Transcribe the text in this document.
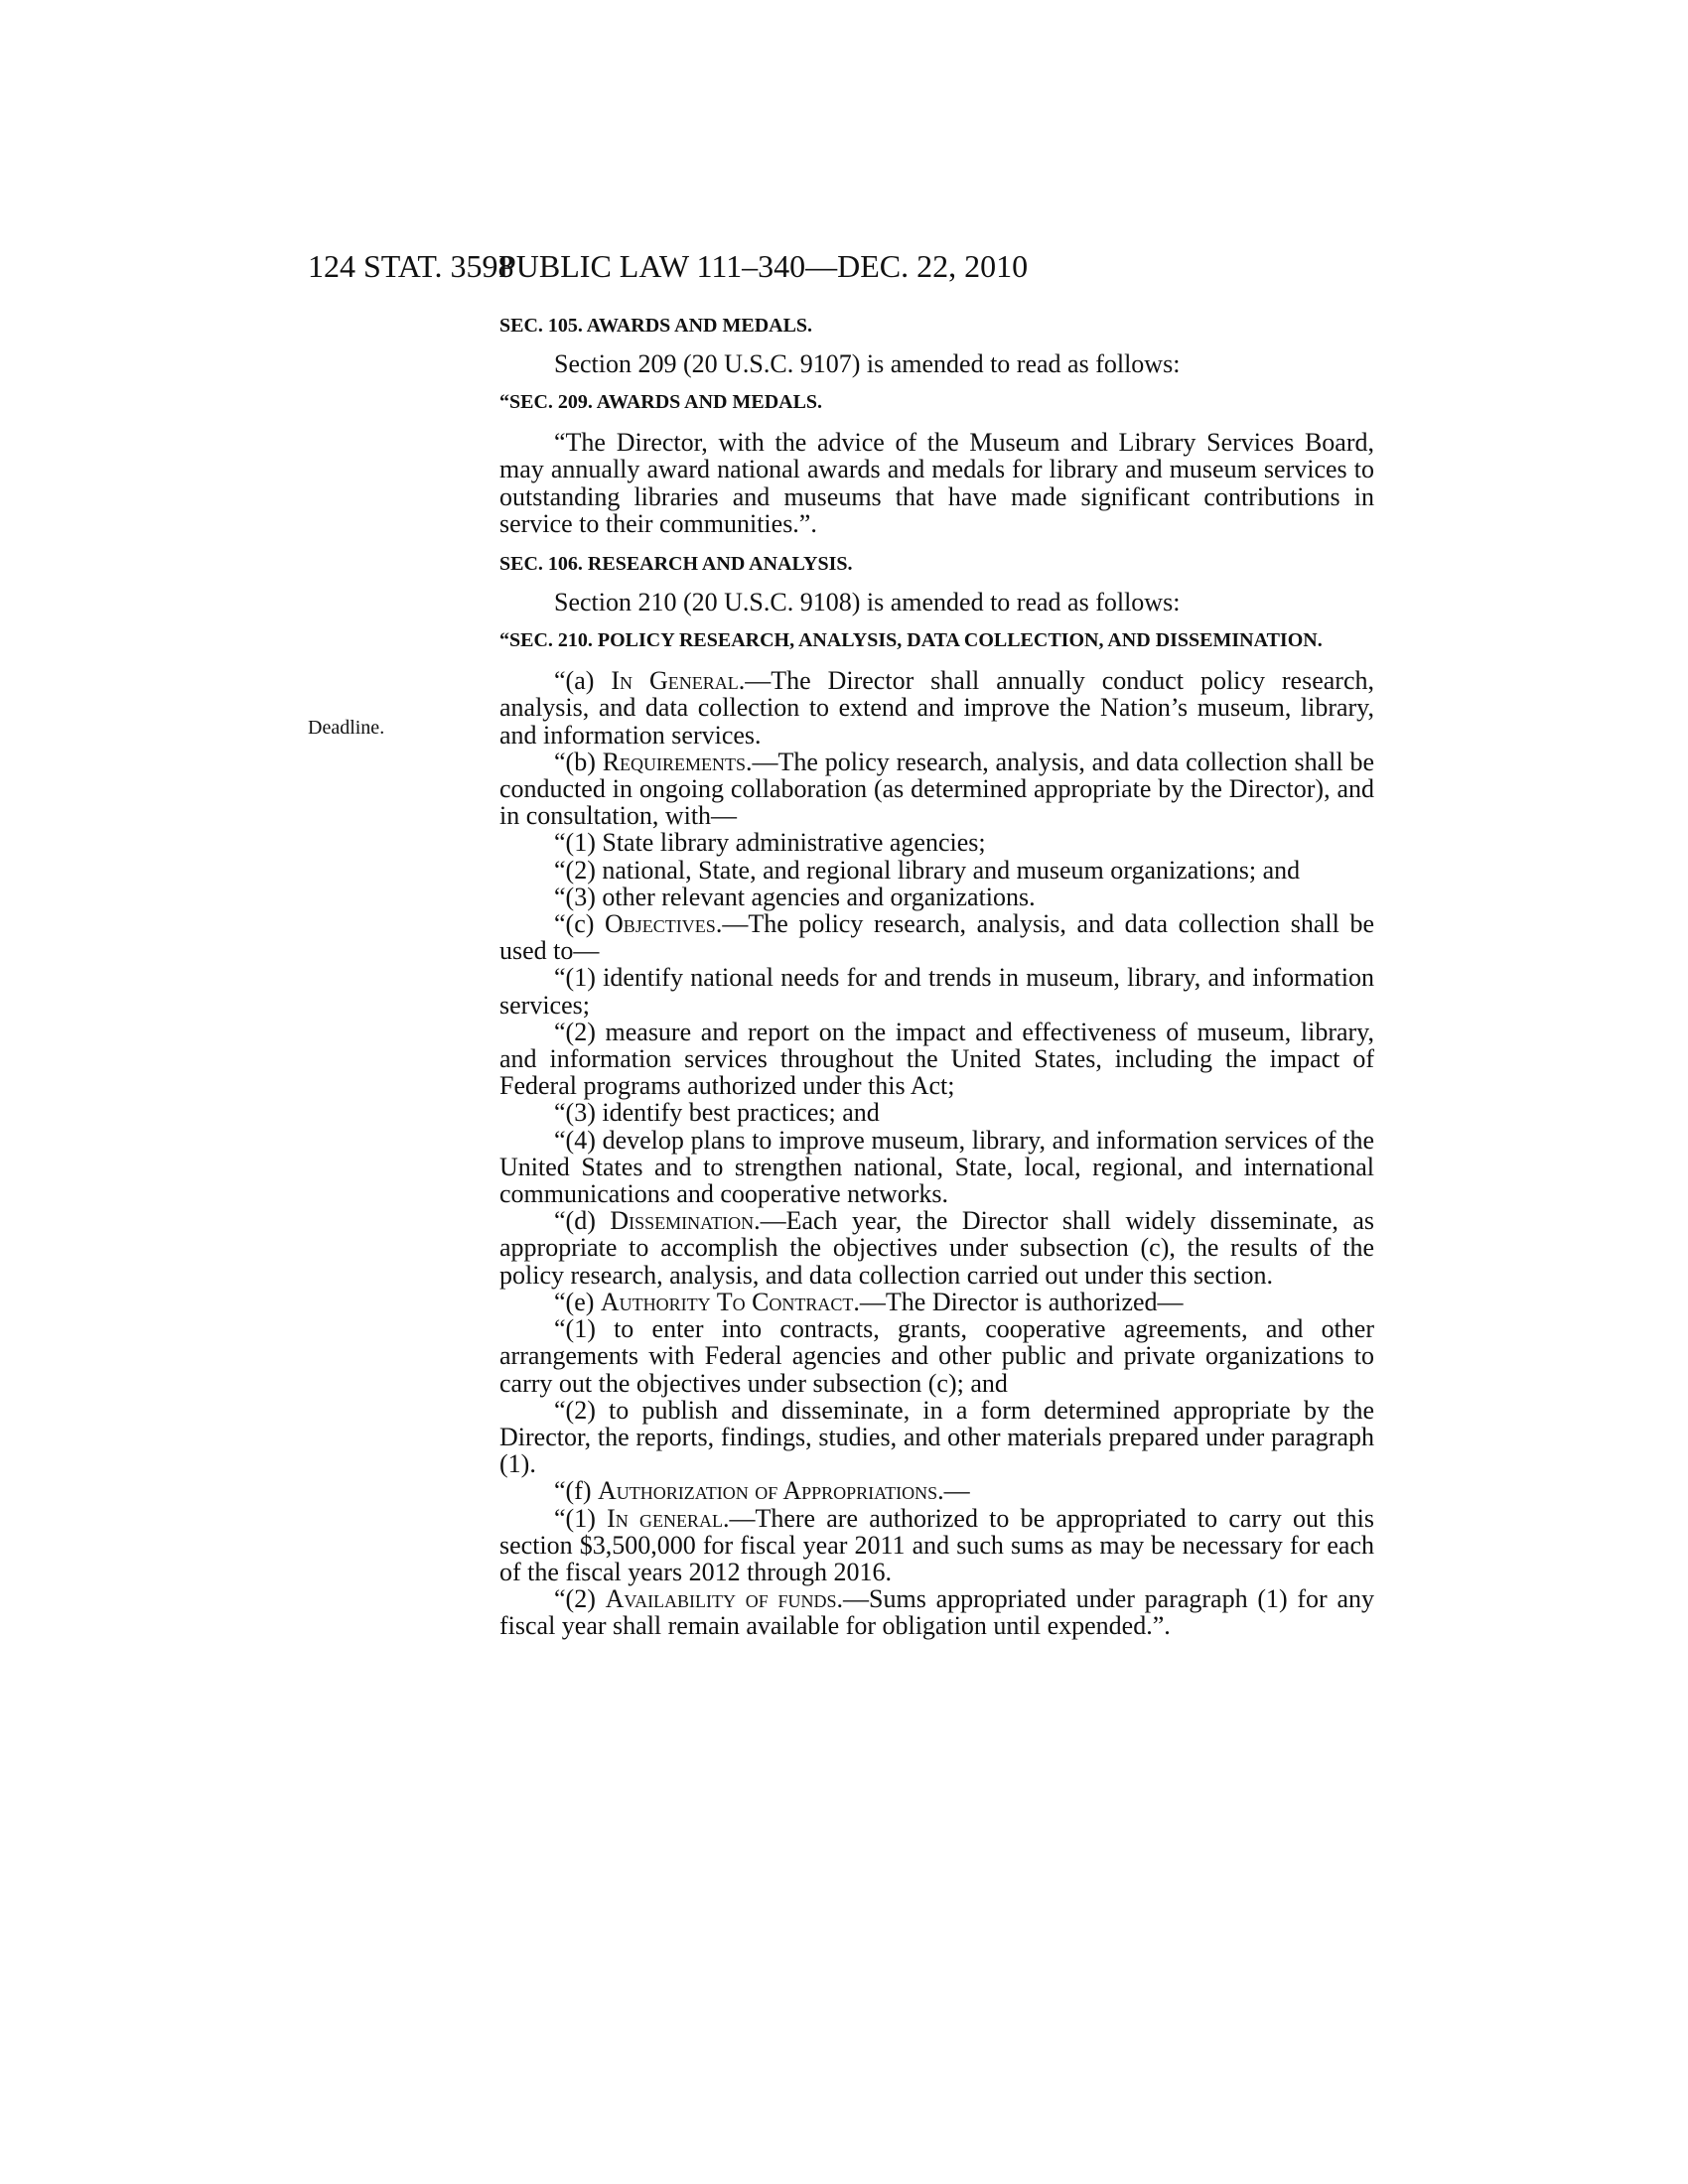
124 STAT. 3598
PUBLIC LAW 111–340—DEC. 22, 2010
Deadline.

SEC. 105. AWARDS AND MEDALS.

Section 209 (20 U.S.C. 9107) is amended to read as follows:

“SEC. 209. AWARDS AND MEDALS.

“The Director, with the advice of the Museum and Library Services Board, may annually award national awards and medals for library and museum services to outstanding libraries and museums that have made significant contributions in service to their communities.”.

SEC. 106. RESEARCH AND ANALYSIS.

Section 210 (20 U.S.C. 9108) is amended to read as follows:

“SEC. 210. POLICY RESEARCH, ANALYSIS, DATA COLLECTION, AND DISSEMINATION.

“(a) In General.—The Director shall annually conduct policy research, analysis, and data collection to extend and improve the Nation’s museum, library, and information services.

“(b) Requirements.—The policy research, analysis, and data collection shall be conducted in ongoing collaboration (as determined appropriate by the Director), and in consultation, with—

“(1) State library administrative agencies;

“(2) national, State, and regional library and museum organizations; and

“(3) other relevant agencies and organizations.

“(c) Objectives.—The policy research, analysis, and data collection shall be used to—

“(1) identify national needs for and trends in museum, library, and information services;

“(2) measure and report on the impact and effectiveness of museum, library, and information services throughout the United States, including the impact of Federal programs authorized under this Act;

“(3) identify best practices; and

“(4) develop plans to improve museum, library, and information services of the United States and to strengthen national, State, local, regional, and international communications and cooperative networks.

“(d) Dissemination.—Each year, the Director shall widely disseminate, as appropriate to accomplish the objectives under subsection (c), the results of the policy research, analysis, and data collection carried out under this section.

“(e) Authority To Contract.—The Director is authorized—

“(1) to enter into contracts, grants, cooperative agreements, and other arrangements with Federal agencies and other public and private organizations to carry out the objectives under subsection (c); and

“(2) to publish and disseminate, in a form determined appropriate by the Director, the reports, findings, studies, and other materials prepared under paragraph (1).

“(f) Authorization of Appropriations.—

“(1) In general.—There are authorized to be appropriated to carry out this section $3,500,000 for fiscal year 2011 and such sums as may be necessary for each of the fiscal years 2012 through 2016.

“(2) Availability of funds.—Sums appropriated under paragraph (1) for any fiscal year shall remain available for obligation until expended.”.
